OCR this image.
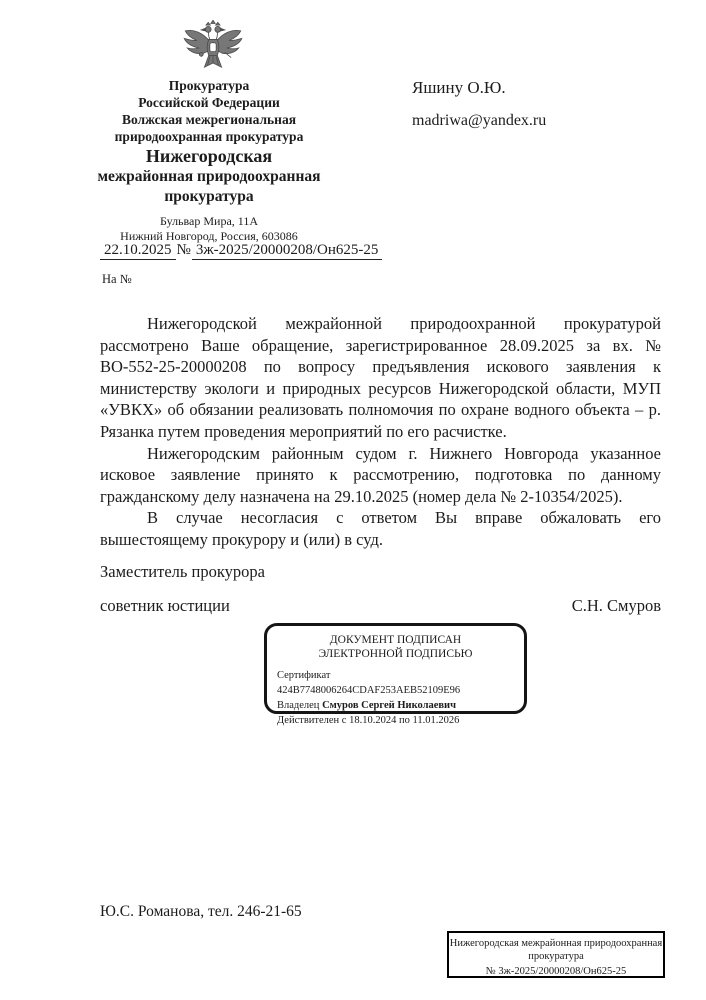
Прокуратура
Российской Федерации
Волжская межрегиональная
природоохранная прокуратура
Нижегородская
межрайонная природоохранная
прокуратура
Бульвар Мира, 11А
Нижний Новгород, Россия, 603086
Яшину О.Ю.
madriwa@yandex.ru
22.10.2025 № 3ж-2025/20000208/Он625-25
На №

Нижегородской межрайонной природоохранной прокуратурой рассмотрено Ваше обращение, зарегистрированное 28.09.2025 за вх. № ВО-552-25-20000208 по вопросу предъявления искового заявления к министерству экологи и природных ресурсов Нижегородской области, МУП «УВКХ» об обязании реализовать полномочия по охране водного объекта – р. Рязанка путем проведения мероприятий по его расчистке.

Нижегородским районным судом г. Нижнего Новгорода указанное исковое заявление принято к рассмотрению, подготовка по данному гражданскому делу назначена на 29.10.2025 (номер дела № 2-10354/2025).

В случае несогласия с ответом Вы вправе обжаловать его вышестоящему прокурору и (или) в суд.

Заместитель прокурора
советник юстиции	С.Н. Смуров
ДОКУМЕНТ ПОДПИСАН
ЭЛЕКТРОННОЙ ПОДПИСЬЮ
Сертификат 424B7748006264CDAF253AEB52109E96
Владелец Смуров Сергей Николаевич
Действителен с 18.10.2024 по 11.01.2026
Ю.С. Романова, тел. 246-21-65
Нижегородская межрайонная природоохранная
прокуратура
№ 3ж-2025/20000208/Он625-25
